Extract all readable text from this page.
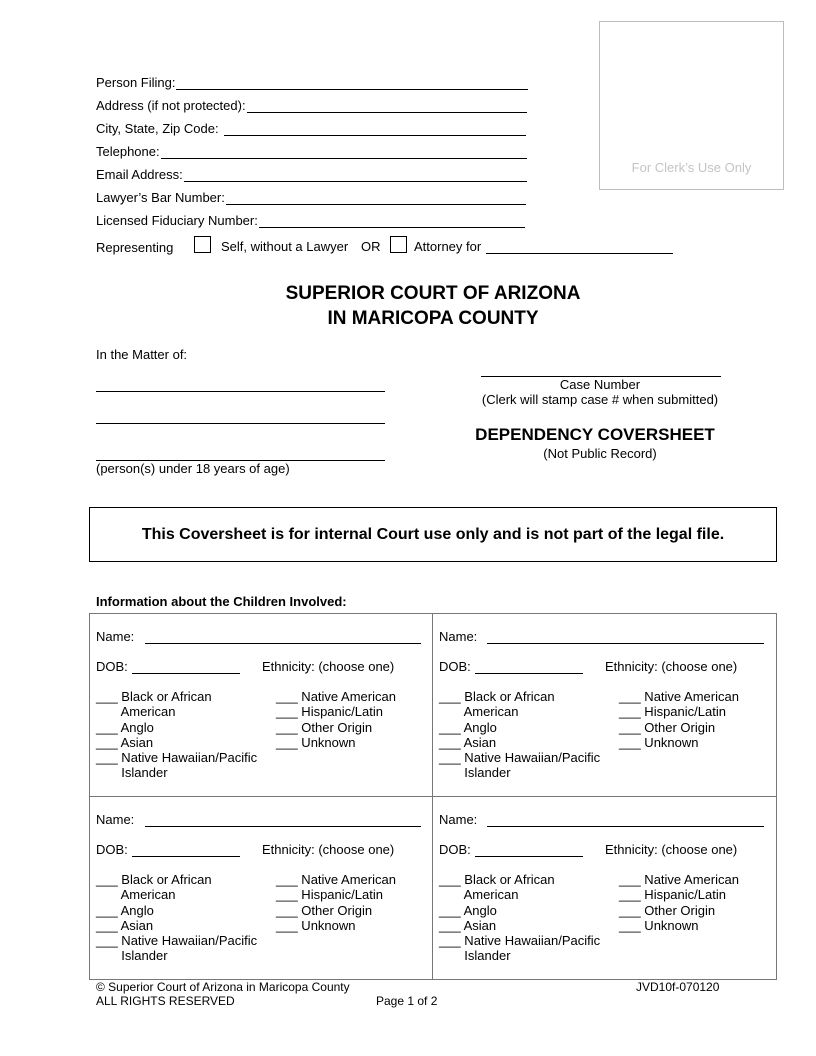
For Clerk’s Use Only
Person Filing:
Address (if not protected):
City, State, Zip Code:
Telephone:
Email Address:
Lawyer’s Bar Number:
Licensed Fiduciary Number:
Representing	Self, without a Lawyer OR	Attorney for
SUPERIOR COURT OF ARIZONA
IN MARICOPA COUNTY
In the Matter of:
(person(s) under 18 years of age)
Case Number
(Clerk will stamp case # when submitted)
DEPENDENCY COVERSHEET
(Not Public Record)
This Coversheet is for internal Court use only and is not part of the legal file.
Information about the Children Involved:
Name:
DOB:	Ethnicity: (choose one)
___ Black or African
American
___ Anglo
___ Asian
___ Native Hawaiian/Pacific
Islander
___ Native American
___ Hispanic/Latin
___ Other Origin
___ Unknown
Name:
DOB:	Ethnicity: (choose one)
___ Black or African
American
___ Anglo
___ Asian
___ Native Hawaiian/Pacific
Islander
___ Native American
___ Hispanic/Latin
___ Other Origin
___ Unknown
Name:
DOB:	Ethnicity: (choose one)
___ Black or African
American
___ Anglo
___ Asian
___ Native Hawaiian/Pacific
Islander
___ Native American
___ Hispanic/Latin
___ Other Origin
___ Unknown
Name:
DOB:	Ethnicity: (choose one)
___ Black or African
American
___ Anglo
___ Asian
___ Native Hawaiian/Pacific
Islander
___ Native American
___ Hispanic/Latin
___ Other Origin
___ Unknown
© Superior Court of Arizona in Maricopa County
ALL RIGHTS RESERVED	Page 1 of 2
JVD10f-070120
